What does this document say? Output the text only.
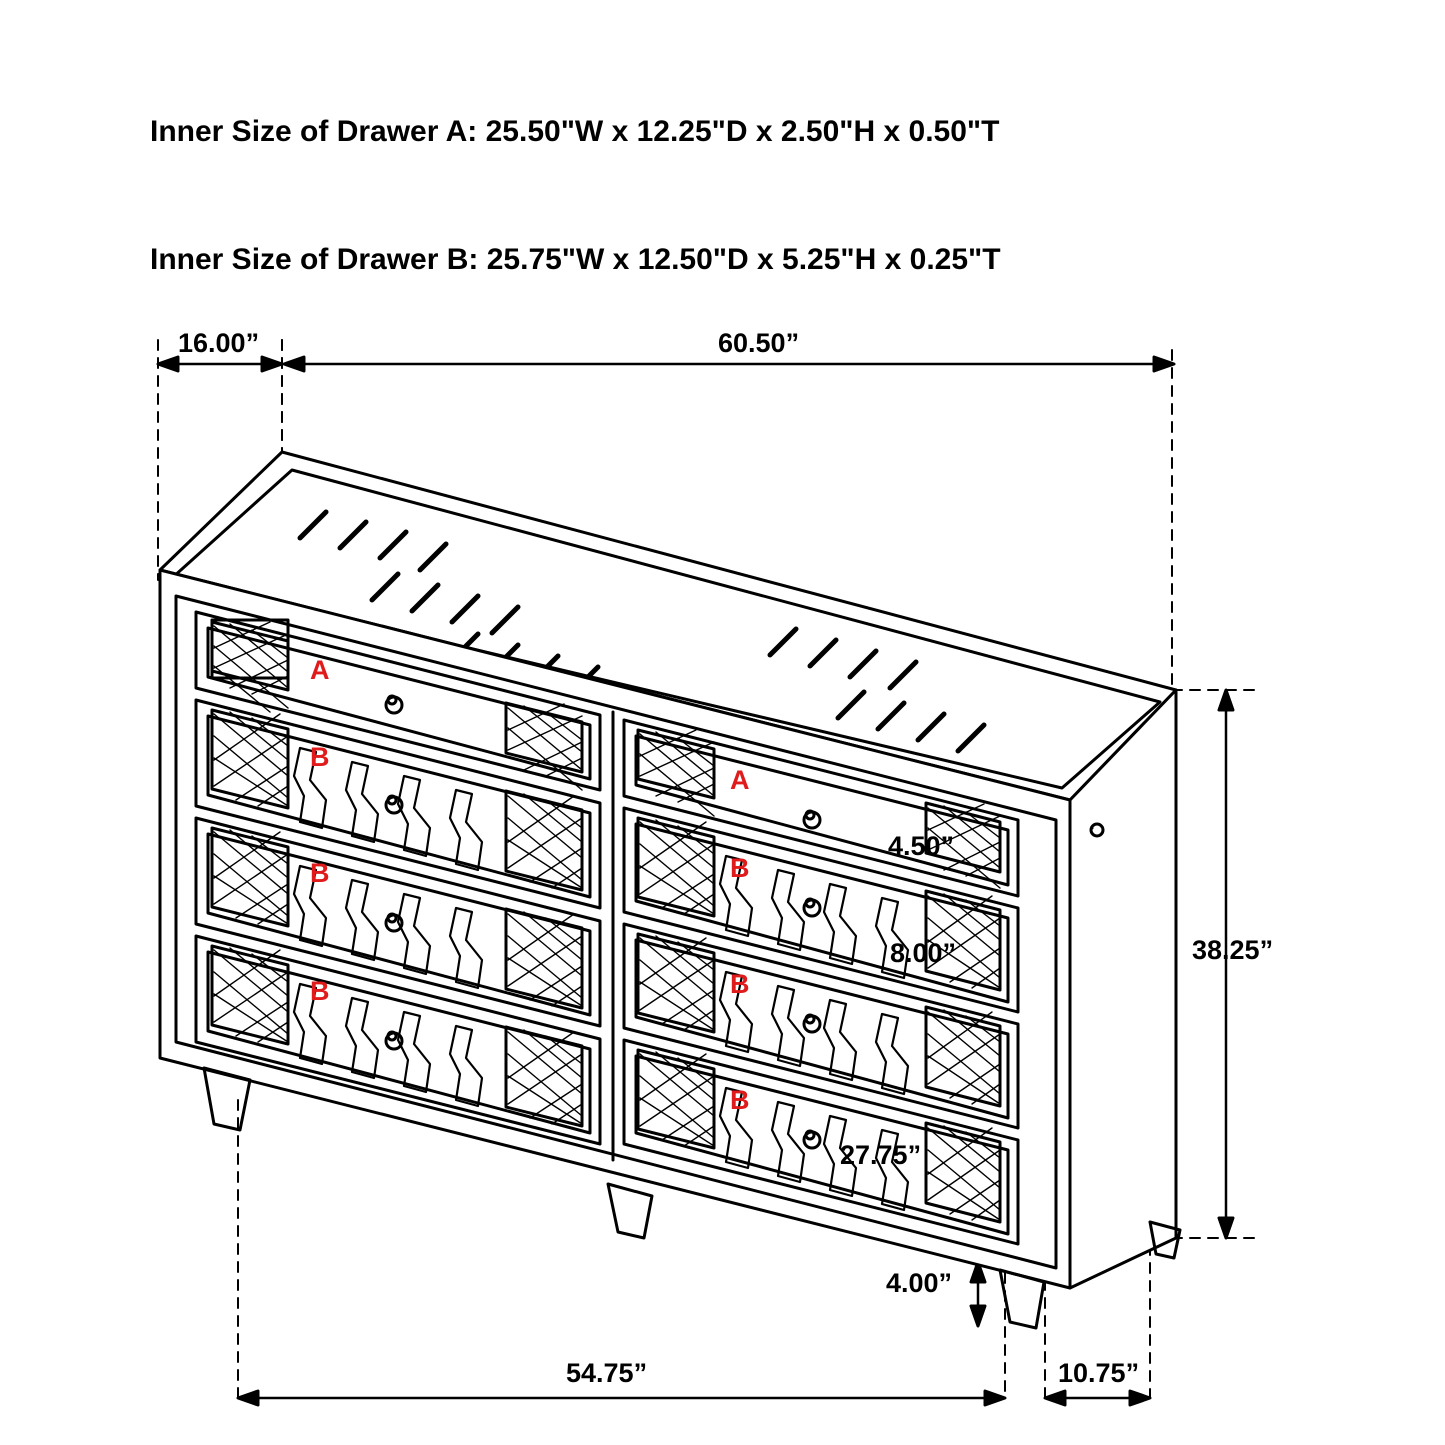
Inner Size of Drawer A: 25.50"W x 12.25"D x 2.50"H x 0.50"T

Inner Size of Drawer B: 25.75"W x 12.50"D x 5.25"H x 0.25"T

16.00”	60.50”
38.25”
4.50”
8.00”
27.75”
4.00”
54.75”	10.75”
A
B
B
B
A
B
B
B
